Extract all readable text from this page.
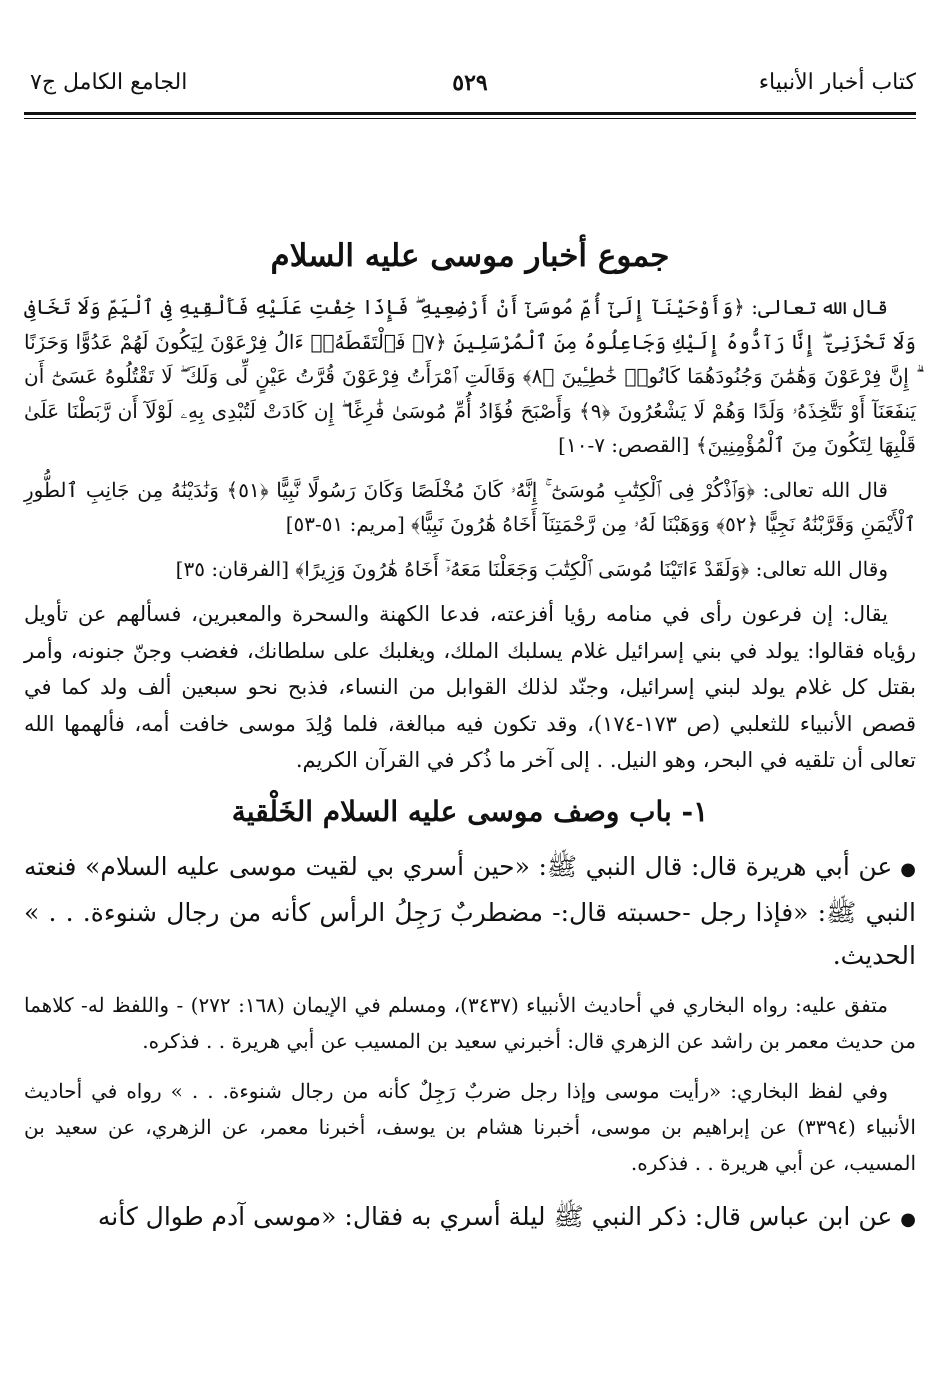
كتاب أخبار الأنبياء
٥٢٩
الجامع الكامل ج٧
جموع أخبار موسى عليه السلام

قال الله تعالى: ﴿وَأَوْحَيْنَآ إِلَىٰٓ أُمِّ مُوسَىٰٓ أَنْ أَرْضِعِيهِ ۖ فَإِذَا خِفْتِ عَلَيْهِ فَأَلْقِيهِ فِى ٱلْيَمِّ وَلَا تَخَافِى وَلَا تَحْزَنِىٓ ۖ إِنَّا رَآدُّوهُ إِلَيْكِ وَجَاعِلُوهُ مِنَ ٱلْمُرْسَلِينَ ﴿٧﴾ فَٱلْتَقَطَهُۥٓ ءَالُ فِرْعَوْنَ لِيَكُونَ لَهُمْ عَدُوًّا وَحَزَنًا ۗ إِنَّ فِرْعَوْنَ وَهَٰمَٰنَ وَجُنُودَهُمَا كَانُوا۟ خَٰطِـِٔينَ ﴿٨﴾ وَقَالَتِ ٱمْرَأَتُ فِرْعَوْنَ قُرَّتُ عَيْنٍ لِّى وَلَكَ ۖ لَا تَقْتُلُوهُ عَسَىٰٓ أَن يَنفَعَنَآ أَوْ نَتَّخِذَهُۥ وَلَدًا وَهُمْ لَا يَشْعُرُونَ ﴿٩﴾ وَأَصْبَحَ فُؤَادُ أُمِّ مُوسَىٰ فَٰرِغًا ۖ إِن كَادَتْ لَتُبْدِى بِهِۦ لَوْلَآ أَن رَّبَطْنَا عَلَىٰ قَلْبِهَا لِتَكُونَ مِنَ ٱلْمُؤْمِنِينَ﴾ [القصص: ٧-١٠]

قال الله تعالى: ﴿وَٱذْكُرْ فِى ٱلْكِتَٰبِ مُوسَىٰٓ ۚ إِنَّهُۥ كَانَ مُخْلَصًا وَكَانَ رَسُولًا نَّبِيًّا ﴿٥١﴾ وَنَٰدَيْنَٰهُ مِن جَانِبِ ٱلطُّورِ ٱلْأَيْمَنِ وَقَرَّبْنَٰهُ نَجِيًّا ﴿٥٢﴾ وَوَهَبْنَا لَهُۥ مِن رَّحْمَتِنَآ أَخَاهُ هَٰرُونَ نَبِيًّا﴾ [مريم: ٥١-٥٣]

وقال الله تعالى: ﴿وَلَقَدْ ءَاتَيْنَا مُوسَى ٱلْكِتَٰبَ وَجَعَلْنَا مَعَهُۥٓ أَخَاهُ هَٰرُونَ وَزِيرًا﴾ [الفرقان: ٣٥]

يقال: إن فرعون رأى في منامه رؤيا أفزعته، فدعا الكهنة والسحرة والمعبرين، فسألهم عن تأويل رؤياه فقالوا: يولد في بني إسرائيل غلام يسلبك الملك، ويغلبك على سلطانك، فغضب وجنّ جنونه، وأمر بقتل كل غلام يولد لبني إسرائيل، وجنّد لذلك القوابل من النساء، فذبح نحو سبعين ألف ولد كما في قصص الأنبياء للثعلبي (ص ١٧٣-١٧٤)، وقد تكون فيه مبالغة، فلما وُلِدَ موسى خافت أمه، فألهمها الله تعالى أن تلقيه في البحر، وهو النيل. . إلى آخر ما ذُكر في القرآن الكريم.

١- باب وصف موسى عليه السلام الخَلْقية

●عن أبي هريرة قال: قال النبي ﷺ: «حين أسري بي لقيت موسى عليه السلام» فنعته النبي ﷺ: «فإذا رجل -حسبته قال:- مضطربٌ رَجِلُ الرأس كأنه من رجال شنوءة. . . » الحديث.

متفق عليه: رواه البخاري في أحاديث الأنبياء (٣٤٣٧)، ومسلم في الإيمان (١٦٨: ٢٧٢) - واللفظ له- كلاهما من حديث معمر بن راشد عن الزهري قال: أخبرني سعيد بن المسيب عن أبي هريرة . . فذكره.

وفي لفظ البخاري: «رأيت موسى وإذا رجل ضربٌ رَجِلٌ كأنه من رجال شنوءة. . . » رواه في أحاديث الأنبياء (٣٣٩٤) عن إبراهيم بن موسى، أخبرنا هشام بن يوسف، أخبرنا معمر، عن الزهري، عن سعيد بن المسيب، عن أبي هريرة . . فذكره.

●عن ابن عباس قال: ذكر النبي ﷺ ليلة أسري به فقال: «موسى آدم طوال كأنه
